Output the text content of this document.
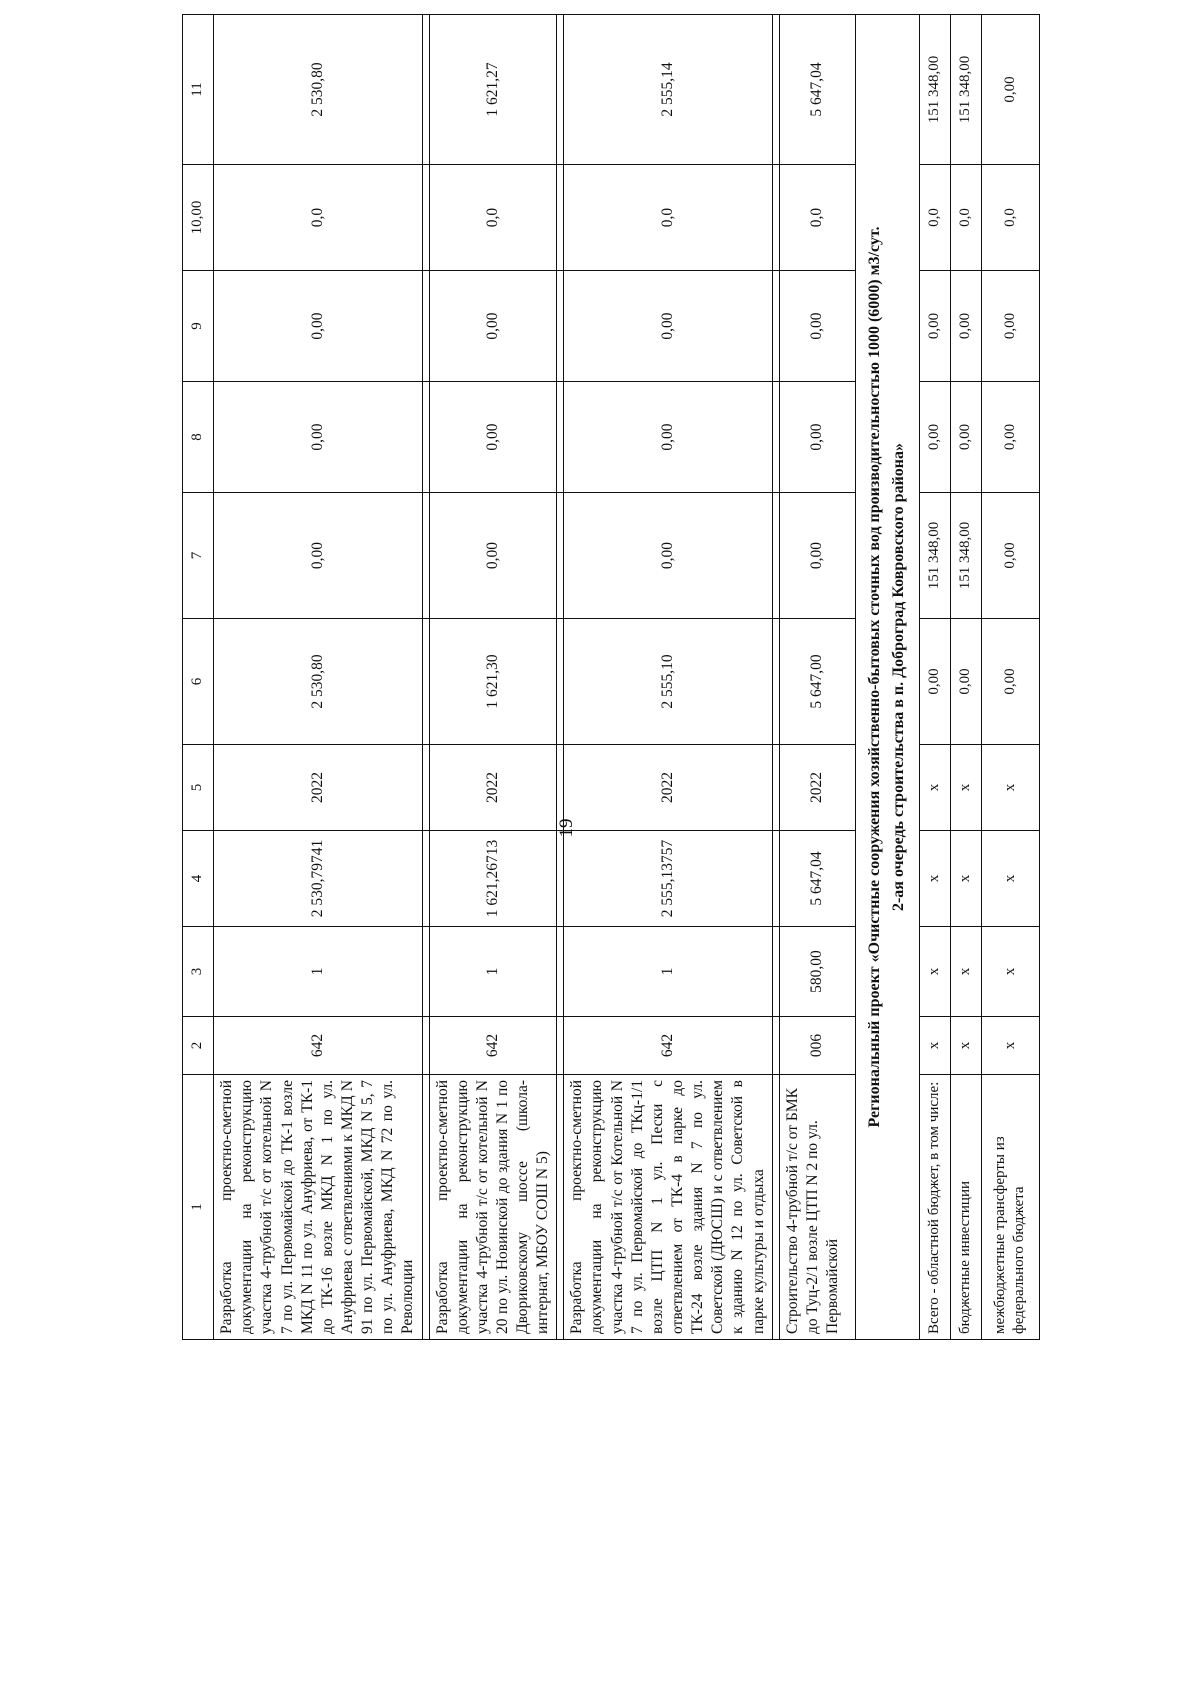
19
1	2	3	4	5	6	7	8	9	10,00	11
Разработка проектно-сметной документации на реконструкцию участка 4-трубной т/с от котельной N 7 по ул. Первомайской до ТК-1 возле МКД N 11 по ул. Ануфриева, от ТК-1 до ТК-16 возле МКД N 1 по ул. Ануфриева с ответвлениями к МКД N 91 по ул. Первомайской, МКД N 5, 7 по ул. Ануфриева, МКД N 72 по ул. Революции	642	1	2 530,79741	2022	2 530,80	0,00	0,00	0,00	0,0	2 530,80

Разработка проектно-сметной документации на реконструкцию участка 4-трубной т/с от котельной N 20 по ул. Новинской до здания N 1 по Двориковскому шоссе (школа-интернат, МБОУ СОШ N 5)	642	1	1 621,26713	2022	1 621,30	0,00	0,00	0,00	0,0	1 621,27

Разработка проектно-сметной документации на реконструкцию участка 4-трубной т/с от Котельной N 7 по ул. Первомайской до ТКц-1/1 возле ЦТП N 1 ул. Пески с ответвлением от ТК-4 в парке до ТК-24 возле здания N 7 по ул. Советской (ДЮСШ) и с ответвлением к зданию N 12 по ул. Советской в парке культуры и отдыха	642	1	2 555,13757	2022	2 555,10	0,00	0,00	0,00	0,0	2 555,14

Строительство 4-трубной т/с от БМК до Туц-2/1 возле ЦТП N 2 по ул. Первомайской	006	580,00	5 647,04	2022	5 647,00	0,00	0,00	0,00	0,0	5 647,04

Региональный проект «Очистные сооружения хозяйственно-бытовых сточных вод производительностью 1000 (6000) м3/сут. 2-ая очередь строительства в п. Доброград Ковровского района»										

Всего - областной бюджет, в том числе:	х	х	х	х	0,00	151 348,00	0,00	0,00	0,0	151 348,00
бюджетные инвестиции	х	х	х	х	0,00	151 348,00	0,00	0,00	0,0	151 348,00
межбюджетные трансферты из федерального бюджета	х	х	х	х	0,00	0,00	0,00	0,00	0,0	0,00
